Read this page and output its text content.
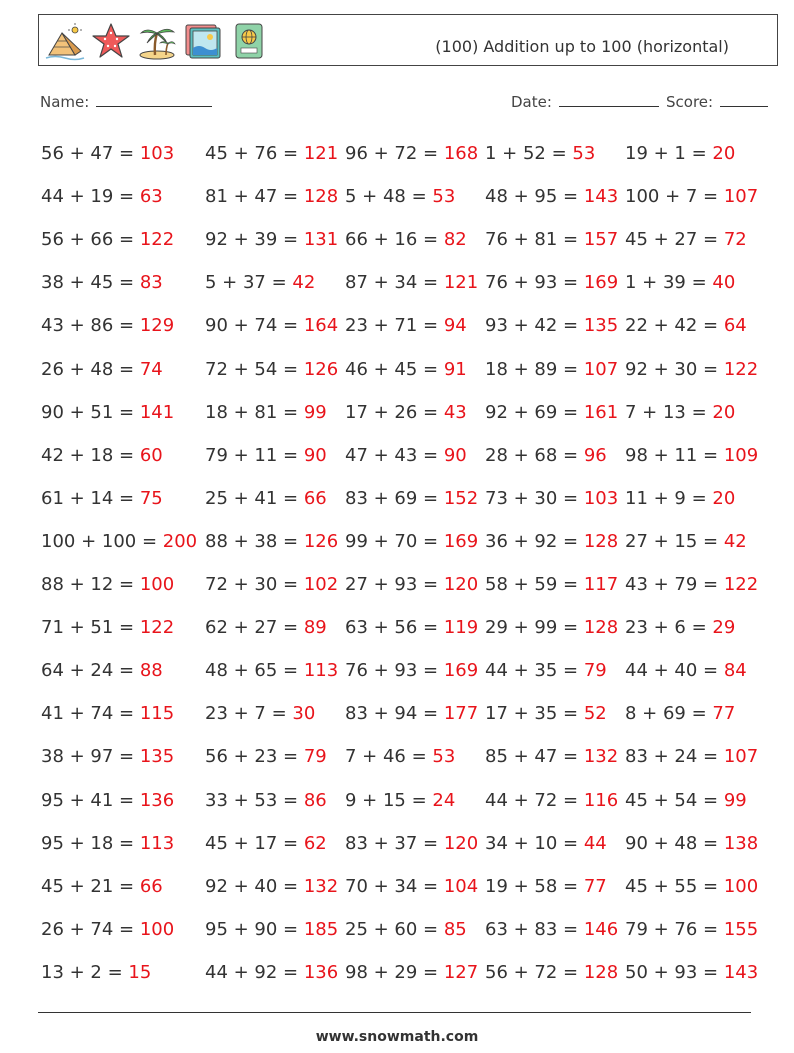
(100) Addition up to 100 (horizontal)
Name:	Date:	Score:
56 + 47 = 103 45 + 76 = 121 96 + 72 = 168 1 + 52 = 53 19 + 1 = 20
44 + 19 = 63 81 + 47 = 128 5 + 48 = 53 48 + 95 = 143 100 + 7 = 107
56 + 66 = 122 92 + 39 = 131 66 + 16 = 82 76 + 81 = 157 45 + 27 = 72
38 + 45 = 83 5 + 37 = 42 87 + 34 = 121 76 + 93 = 169 1 + 39 = 40
43 + 86 = 129 90 + 74 = 164 23 + 71 = 94 93 + 42 = 135 22 + 42 = 64
26 + 48 = 74 72 + 54 = 126 46 + 45 = 91 18 + 89 = 107 92 + 30 = 122
90 + 51 = 141 18 + 81 = 99 17 + 26 = 43 92 + 69 = 161 7 + 13 = 20
42 + 18 = 60 79 + 11 = 90 47 + 43 = 90 28 + 68 = 96 98 + 11 = 109
61 + 14 = 75 25 + 41 = 66 83 + 69 = 152 73 + 30 = 103 11 + 9 = 20
100 + 100 = 200 88 + 38 = 126 99 + 70 = 169 36 + 92 = 128 27 + 15 = 42
88 + 12 = 100 72 + 30 = 102 27 + 93 = 120 58 + 59 = 117 43 + 79 = 122
71 + 51 = 122 62 + 27 = 89 63 + 56 = 119 29 + 99 = 128 23 + 6 = 29
64 + 24 = 88 48 + 65 = 113 76 + 93 = 169 44 + 35 = 79 44 + 40 = 84
41 + 74 = 115 23 + 7 = 30 83 + 94 = 177 17 + 35 = 52 8 + 69 = 77
38 + 97 = 135 56 + 23 = 79 7 + 46 = 53 85 + 47 = 132 83 + 24 = 107
95 + 41 = 136 33 + 53 = 86 9 + 15 = 24 44 + 72 = 116 45 + 54 = 99
95 + 18 = 113 45 + 17 = 62 83 + 37 = 120 34 + 10 = 44 90 + 48 = 138
45 + 21 = 66 92 + 40 = 132 70 + 34 = 104 19 + 58 = 77 45 + 55 = 100
26 + 74 = 100 95 + 90 = 185 25 + 60 = 85 63 + 83 = 146 79 + 76 = 155
13 + 2 = 15	44 + 92 = 136 98 + 29 = 127 56 + 72 = 128 50 + 93 = 143
www.snowmath.com
